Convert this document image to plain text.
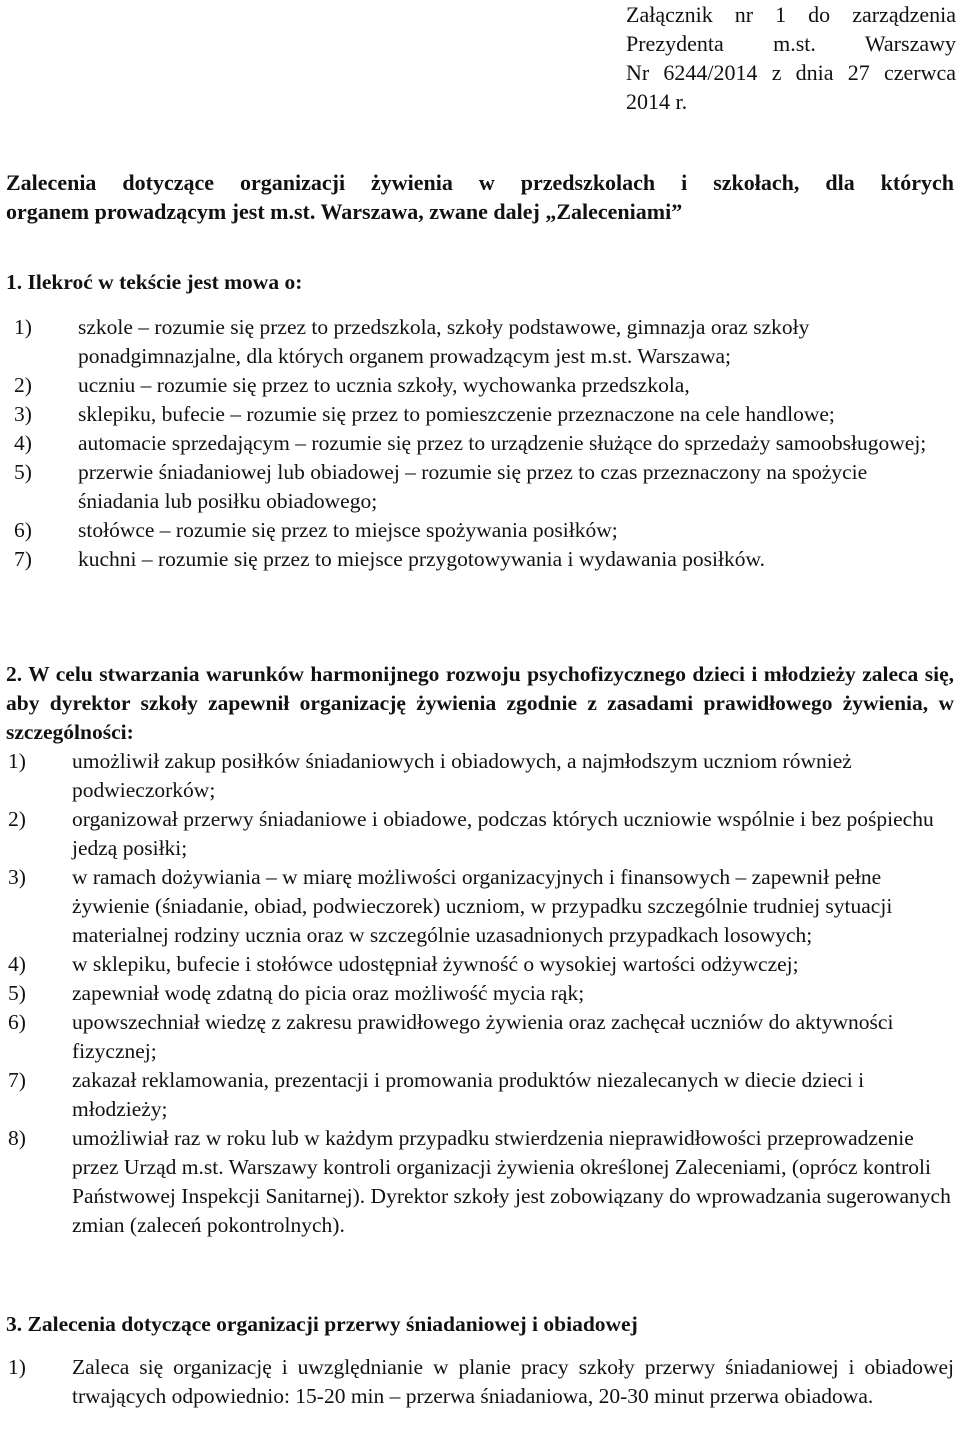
Załącznik nr 1 do zarządzenia
Prezydenta m.st. Warszawy
Nr 6244/2014 z dnia 27 czerwca
2014 r.
Zalecenia dotyczące organizacji żywienia w przedszkolach i szkołach, dla których
organem prowadzącym jest m.st. Warszawa, zwane dalej „Zaleceniami”
1. Ilekroć w tekście jest mowa o:
1) szkole – rozumie się przez to przedszkola, szkoły podstawowe, gimnazja oraz szkoły ponadgimnazjalne, dla których organem prowadzącym jest m.st. Warszawa;
2) uczniu – rozumie się przez to ucznia szkoły, wychowanka przedszkola,
3) sklepiku, bufecie – rozumie się przez to pomieszczenie przeznaczone na cele handlowe;
4) automacie sprzedającym – rozumie się przez to urządzenie służące do sprzedaży samoobsługowej;
5) przerwie śniadaniowej lub obiadowej – rozumie się przez to czas przeznaczony na spożycie śniadania lub posiłku obiadowego;
6) stołówce – rozumie się przez to miejsce spożywania posiłków;
7) kuchni – rozumie się przez to miejsce przygotowywania i wydawania posiłków.
2. W celu stwarzania warunków harmonijnego rozwoju psychofizycznego dzieci i młodzieży zaleca się, aby dyrektor szkoły zapewnił organizację żywienia zgodnie z zasadami prawidłowego żywienia, w szczególności:
1) umożliwił zakup posiłków śniadaniowych i obiadowych, a najmłodszym uczniom również podwieczorków;
2) organizował przerwy śniadaniowe i obiadowe, podczas których uczniowie wspólnie i bez pośpiechu jedzą posiłki;
3) w ramach dożywiania – w miarę możliwości organizacyjnych i finansowych – zapewnił pełne żywienie (śniadanie, obiad, podwieczorek) uczniom, w przypadku szczególnie trudniej sytuacji materialnej rodziny ucznia oraz w szczególnie uzasadnionych przypadkach losowych;
4) w sklepiku, bufecie i stołówce udostępniał żywność o wysokiej wartości odżywczej;
5) zapewniał wodę zdatną do picia oraz możliwość mycia rąk;
6) upowszechniał wiedzę z zakresu prawidłowego żywienia oraz zachęcał uczniów do aktywności fizycznej;
7) zakazał reklamowania, prezentacji i promowania produktów niezalecanych w diecie dzieci i młodzieży;
8) umożliwiał raz w roku lub w każdym przypadku stwierdzenia nieprawidłowości przeprowadzenie przez Urząd m.st. Warszawy kontroli organizacji żywienia określonej Zaleceniami, (oprócz kontroli Państwowej Inspekcji Sanitarnej). Dyrektor szkoły jest zobowiązany do wprowadzania sugerowanych zmian (zaleceń pokontrolnych).
3. Zalecenia dotyczące organizacji przerwy śniadaniowej i obiadowej
1) Zaleca się organizację i uwzględnianie w planie pracy szkoły przerwy śniadaniowej i obiadowej trwających odpowiednio: 15-20 min – przerwa śniadaniowa, 20-30 minut przerwa obiadowa.
